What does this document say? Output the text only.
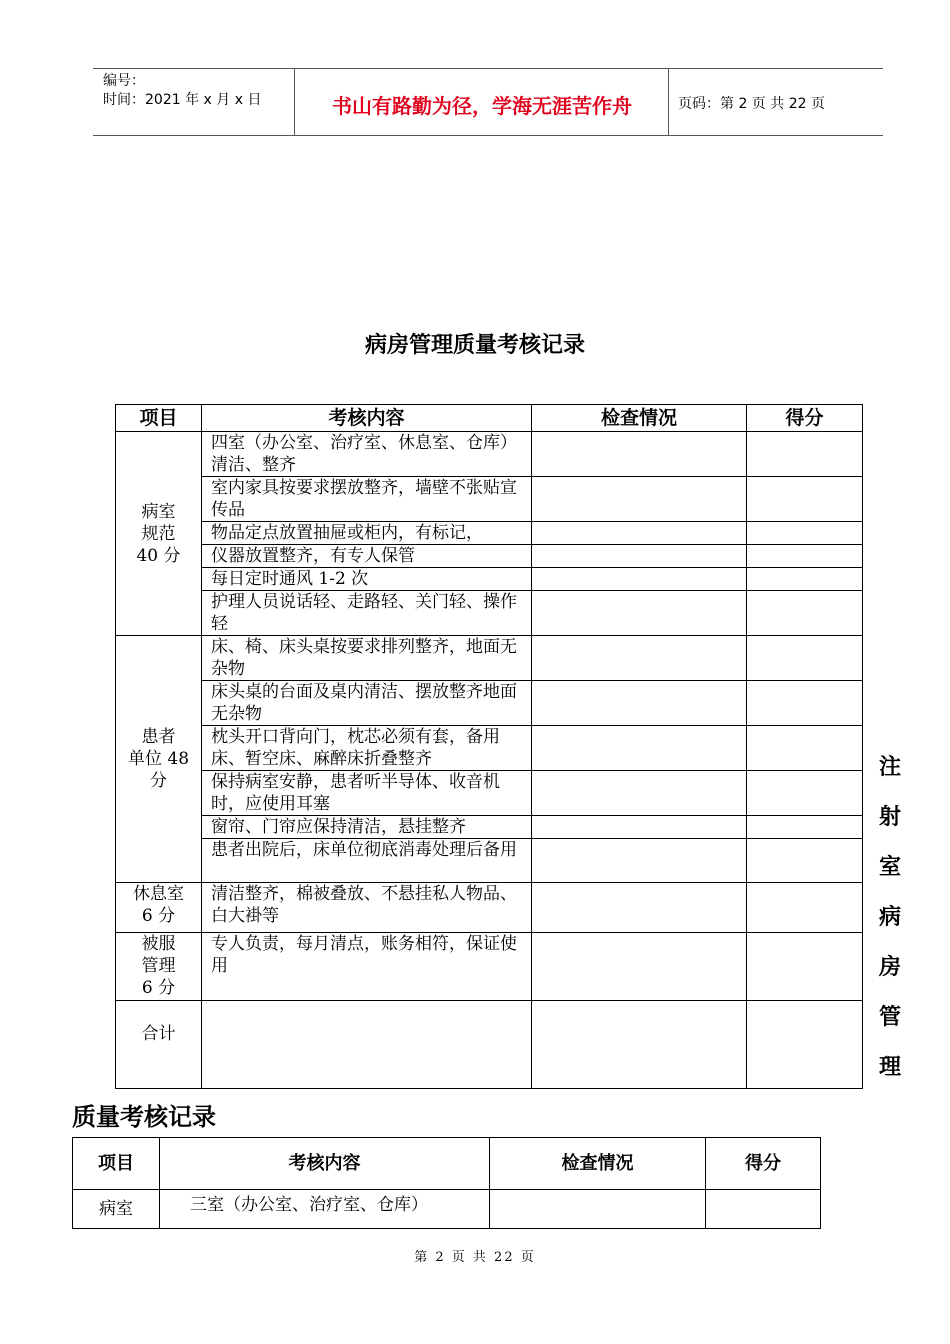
编号：
时间：2021 年 x 月 x 日	书山有路勤为径，学海无涯苦作舟	页码：第 2 页 共 22 页
病房管理质量考核记录
项目	考核内容	检查情况	得分
病室
规范
40 分	四室（办公室、治疗室、休息室、仓库）清洁、整齐		
	室内家具按要求摆放整齐，墙壁不张贴宣传品		
	物品定点放置抽屉或柜内，有标记，		
	仪器放置整齐，有专人保管		
	每日定时通风 1-2 次		
	护理人员说话轻、走路轻、关门轻、操作轻		
患者
单位 48
分	床、椅、床头桌按要求排列整齐，地面无杂物		
	床头桌的台面及桌内清洁、摆放整齐地面无杂物		
	枕头开口背向门，枕芯必须有套，备用床、暂空床、麻醉床折叠整齐		
	保持病室安静，患者听半导体、收音机时，应使用耳塞		
	窗帘、门帘应保持清洁，悬挂整齐		
	患者出院后，床单位彻底消毒处理后备用		
休息室
6 分	清洁整齐，棉被叠放、不悬挂私人物品、白大褂等		
被服
管理
6 分	专人负责，每月清点，账务相符，保证使用		
合计			
注
射
室
病
房
管
理
质量考核记录
项目	考核内容	检查情况	得分
病室	三室（办公室、治疗室、仓库）		
第 2 页 共 22 页
